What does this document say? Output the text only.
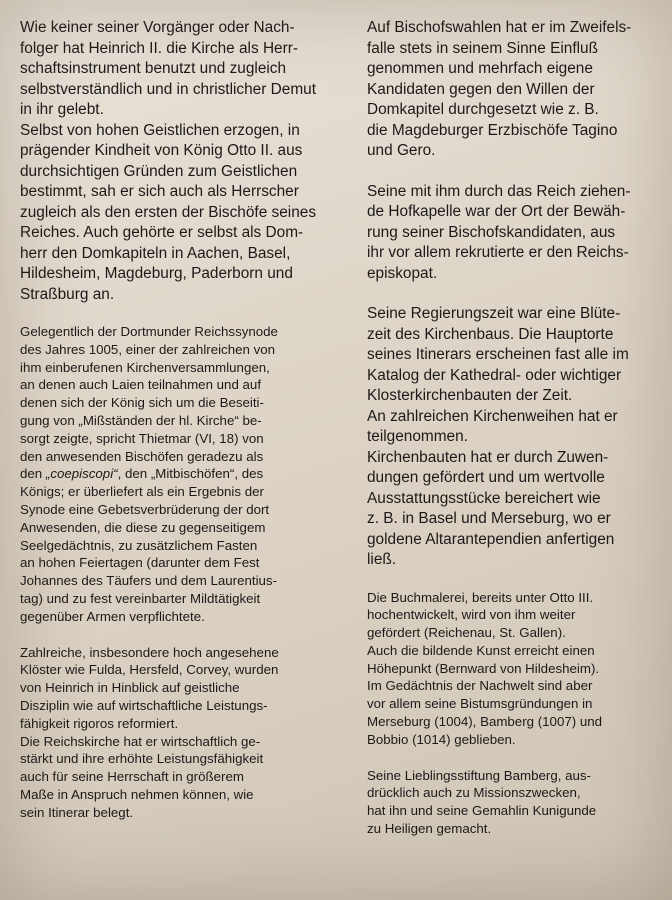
Wie keiner seiner Vorgänger oder Nach-
folger hat Heinrich II. die Kirche als Herr-
schaftsinstrument benutzt und zugleich
selbstverständlich und in christlicher Demut
in ihr gelebt.

Selbst von hohen Geistlichen erzogen, in
prägender Kindheit von König Otto II. aus
durchsichtigen Gründen zum Geistlichen
bestimmt, sah er sich auch als Herrscher
zugleich als den ersten der Bischöfe seines
Reiches. Auch gehörte er selbst als Dom-
herr den Domkapiteln in Aachen, Basel,
Hildesheim, Magdeburg, Paderborn und
Straßburg an.

Gelegentlich der Dortmunder Reichssynode
des Jahres 1005, einer der zahlreichen von
ihm einberufenen Kirchenversammlungen,
an denen auch Laien teilnahmen und auf
denen sich der König sich um die Beseiti-
gung von „Mißständen der hl. Kirche“ be-
sorgt zeigte, spricht Thietmar (VI, 18) von
den anwesenden Bischöfen geradezu als
den „coepiscopi“, den „Mitbischöfen“, des
Königs; er überliefert als ein Ergebnis der
Synode eine Gebetsverbrüderung der dort
Anwesenden, die diese zu gegenseitigem
Seelgedächtnis, zu zusätzlichem Fasten
an hohen Feiertagen (darunter dem Fest
Johannes des Täufers und dem Laurentius-
tag) und zu fest vereinbarter Mildtätigkeit
gegenüber Armen verpflichtete.

Zahlreiche, insbesondere hoch angesehene
Klöster wie Fulda, Hersfeld, Corvey, wurden
von Heinrich in Hinblick auf geistliche
Disziplin wie auf wirtschaftliche Leistungs-
fähigkeit rigoros reformiert.

Die Reichskirche hat er wirtschaftlich ge-
stärkt und ihre erhöhte Leistungsfähigkeit
auch für seine Herrschaft in größerem
Maße in Anspruch nehmen können, wie
sein Itinerar belegt.

Auf Bischofswahlen hat er im Zweifels-
falle stets in seinem Sinne Einfluß
genommen und mehrfach eigene
Kandidaten gegen den Willen der
Domkapitel durchgesetzt wie z. B.
die Magdeburger Erzbischöfe Tagino
und Gero.

Seine mit ihm durch das Reich ziehen-
de Hofkapelle war der Ort der Bewäh-
rung seiner Bischofskandidaten, aus
ihr vor allem rekrutierte er den Reichs-
episkopat.

Seine Regierungszeit war eine Blüte-
zeit des Kirchenbaus. Die Hauptorte
seines Itinerars erscheinen fast alle im
Katalog der Kathedral- oder wichtiger
Klosterkirchenbauten der Zeit.

An zahlreichen Kirchenweihen hat er
teilgenommen.

Kirchenbauten hat er durch Zuwen-
dungen gefördert und um wertvolle
Ausstattungsstücke bereichert wie
z. B. in Basel und Merseburg, wo er
goldene Altarantependien anfertigen
ließ.

Die Buchmalerei, bereits unter Otto III.
hochentwickelt, wird von ihm weiter
gefördert (Reichenau, St. Gallen).

Auch die bildende Kunst erreicht einen
Höhepunkt (Bernward von Hildesheim).

Im Gedächtnis der Nachwelt sind aber
vor allem seine Bistumsgründungen in
Merseburg (1004), Bamberg (1007) und
Bobbio (1014) geblieben.

Seine Lieblingsstiftung Bamberg, aus-
drücklich auch zu Missionszwecken,
hat ihn und seine Gemahlin Kunigunde
zu Heiligen gemacht.
